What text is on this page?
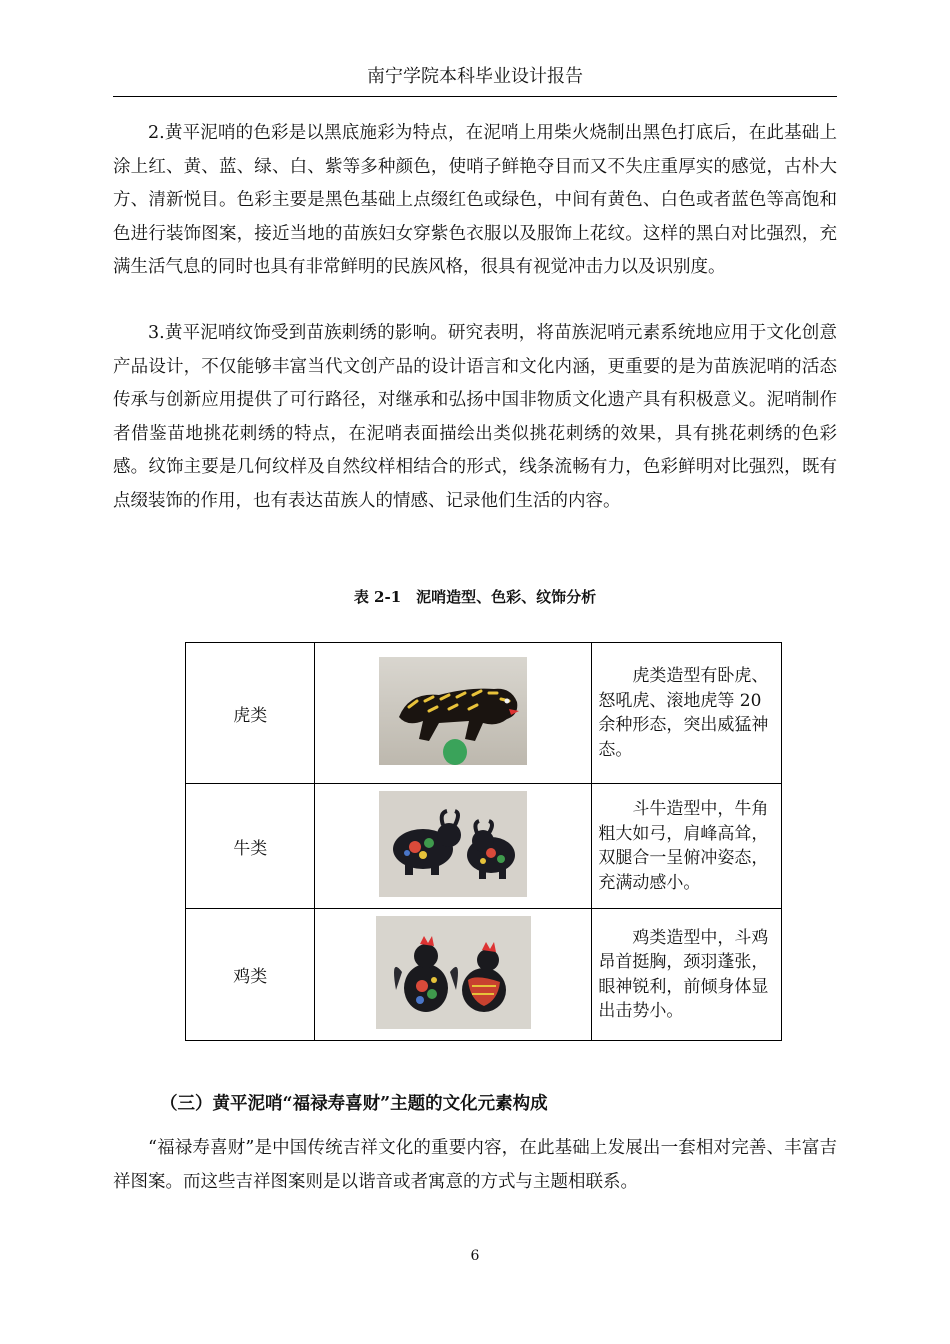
南宁学院本科毕业设计报告

2.黄平泥哨的色彩是以黑底施彩为特点，在泥哨上用柴火烧制出黑色打底后，在此基础上涂上红、黄、蓝、绿、白、紫等多种颜色，使哨子鲜艳夺目而又不失庄重厚实的感觉，古朴大方、清新悦目。色彩主要是黑色基础上点缀红色或绿色，中间有黄色、白色或者蓝色等高饱和色进行装饰图案，接近当地的苗族妇女穿紫色衣服以及服饰上花纹。这样的黑白对比强烈，充满生活气息的同时也具有非常鲜明的民族风格，很具有视觉冲击力以及识别度。

3.黄平泥哨纹饰受到苗族刺绣的影响。研究表明，将苗族泥哨元素系统地应用于文化创意产品设计，不仅能够丰富当代文创产品的设计语言和文化内涵，更重要的是为苗族泥哨的活态传承与创新应用提供了可行路径，对继承和弘扬中国非物质文化遗产具有积极意义。泥哨制作者借鉴苗地挑花刺绣的特点，在泥哨表面描绘出类似挑花刺绣的效果，具有挑花刺绣的色彩感。纹饰主要是几何纹样及自然纹样相结合的形式，线条流畅有力，色彩鲜明对比强烈，既有点缀装饰的作用，也有表达苗族人的情感、记录他们生活的内容。

表 2-1　泥哨造型、色彩、纹饰分析
虎类		虎类造型有卧虎、怒吼虎、滚地虎等 20 余种形态，突出威猛神态。
牛类		斗牛造型中，牛角粗大如弓，肩峰高耸，双腿合一呈俯冲姿态，充满动感小。
鸡类		鸡类造型中，斗鸡昂首挺胸，颈羽蓬张，眼神锐利，前倾身体显出击势小。
（三）黄平泥哨“福禄寿喜财”主题的文化元素构成

“福禄寿喜财”是中国传统吉祥文化的重要内容，在此基础上发展出一套相对完善、丰富吉祥图案。而这些吉祥图案则是以谐音或者寓意的方式与主题相联系。

6
